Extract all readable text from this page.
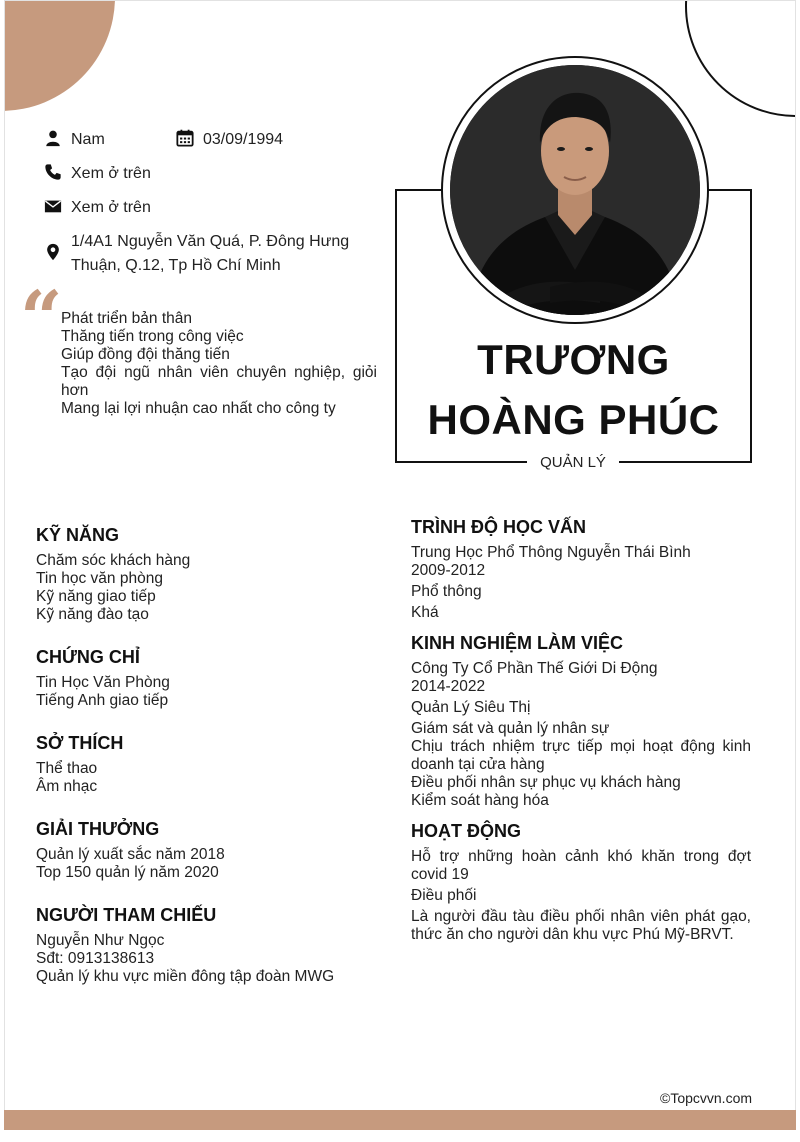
Nam	03/09/1994
Xem ở trên
Xem ở trên
1/4A1 Nguyễn Văn Quá, P. Đông Hưng
Thuận, Q.12, Tp Hồ Chí Minh
“
Phát triển bản thân
Thăng tiến trong công việc
Giúp đồng đội thăng tiến
Tạo đội ngũ nhân viên chuyên nghiệp, giỏi hơn
Mang lại lợi nhuận cao nhất cho công ty
TRƯƠNG
HOÀNG PHÚC
QUẢN LÝ
KỸ NĂNG
Chăm sóc khách hàng
Tin học văn phòng
Kỹ năng giao tiếp
Kỹ năng đào tạo
CHỨNG CHỈ
Tin Học Văn Phòng
Tiếng Anh giao tiếp
SỞ THÍCH
Thể thao
Âm nhạc
GIẢI THƯỞNG
Quản lý xuất sắc năm 2018
Top 150 quản lý năm 2020
NGƯỜI THAM CHIẾU
Nguyễn Như Ngọc
Sđt: 0913138613
Quản lý khu vực miền đông tập đoàn MWG
TRÌNH ĐỘ HỌC VẤN
Trung Học Phổ Thông Nguyễn Thái Bình
2009-2012
Phổ thông
Khá
KINH NGHIỆM LÀM VIỆC
Công Ty Cổ Phần Thế Giới Di Động
2014-2022
Quản Lý Siêu Thị
Giám sát và quản lý nhân sự
Chịu trách nhiệm trực tiếp mọi hoạt động kinh doanh tại cửa hàng
Điều phối nhân sự phục vụ khách hàng
Kiểm soát hàng hóa
HOẠT ĐỘNG
Hỗ trợ những hoàn cảnh khó khăn trong đợt covid 19
Điều phối
Là người đầu tàu điều phối nhân viên phát gạo, thức ăn cho người dân khu vực Phú Mỹ-BRVT.
©Topcvvn.com
